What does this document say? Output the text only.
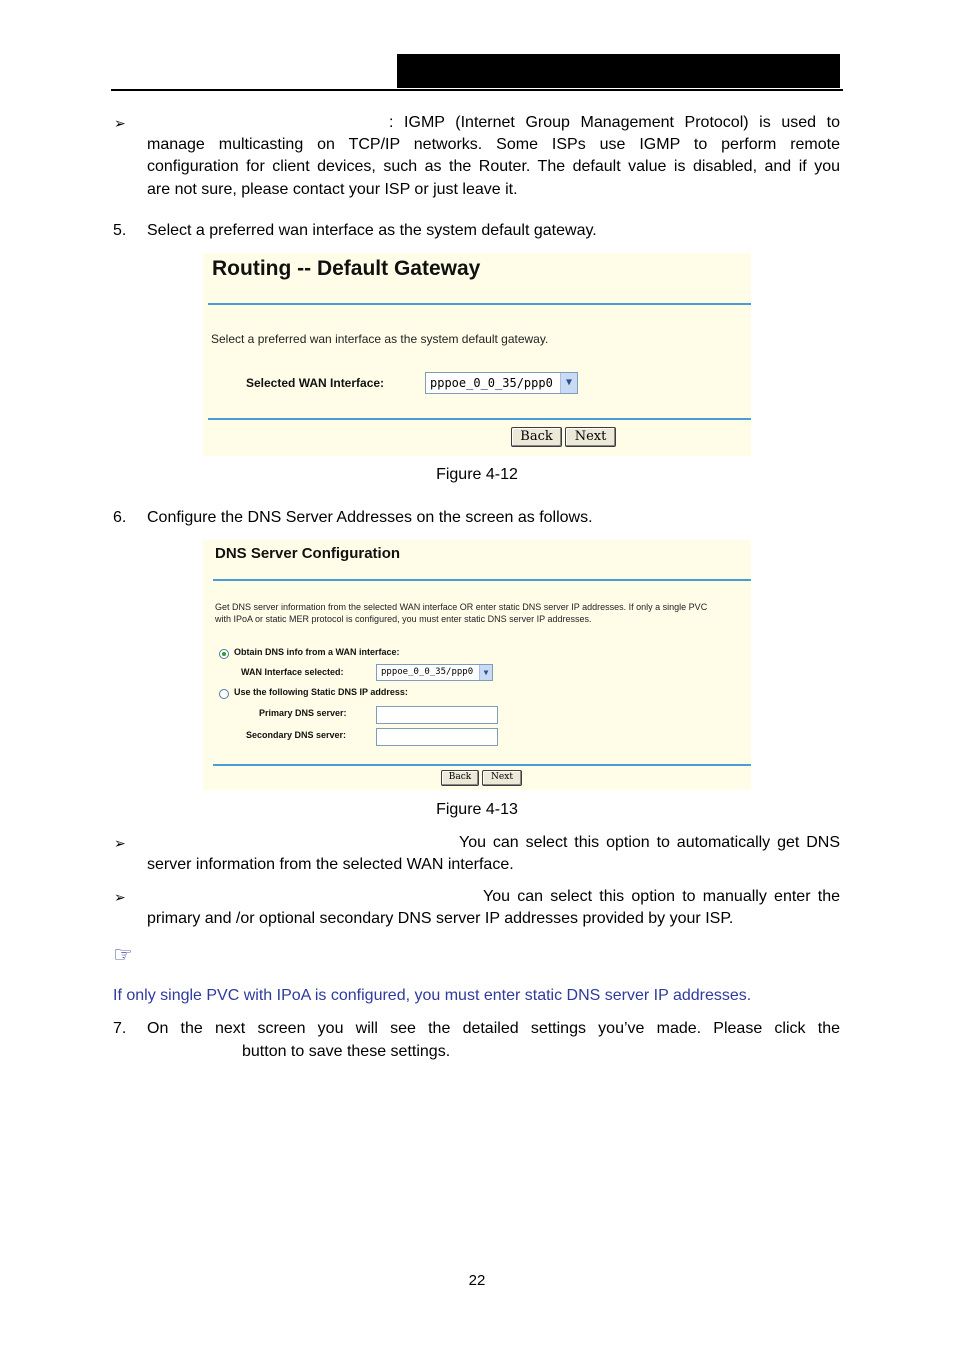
➢	: IGMP (Internet Group Management Protocol) is used to
manage multicasting on TCP/IP networks. Some ISPs use IGMP to perform remote
configuration for client devices, such as the Router. The default value is disabled, and if you
are not sure, please contact your ISP or just leave it.
5. Select a preferred wan interface as the system default gateway.
Routing -- Default Gateway
Select a preferred wan interface as the system default gateway.
Selected WAN Interface:	pppoe_0_0_35/ppp0	▼
Back	Next
Figure 4-12
6. Configure the DNS Server Addresses on the screen as follows.
DNS Server Configuration
Get DNS server information from the selected WAN interface OR enter static DNS server IP addresses. If only a single PVC
with IPoA or static MER protocol is configured, you must enter static DNS server IP addresses.
Obtain DNS info from a WAN interface:
WAN Interface selected:	pppoe_0_0_35/ppp0	▼
Use the following Static DNS IP address:
Primary DNS server:
Secondary DNS server:
Back	Next
Figure 4-13
➢	You can select this option to automatically get DNS
server information from the selected WAN interface.
➢	You can select this option to manually enter the
primary and /or optional secondary DNS server IP addresses provided by your ISP.
☞
If only single PVC with IPoA is configured, you must enter static DNS server IP addresses.
7. On the next screen you will see the detailed settings you’ve made. Please click the
button to save these settings.
22
